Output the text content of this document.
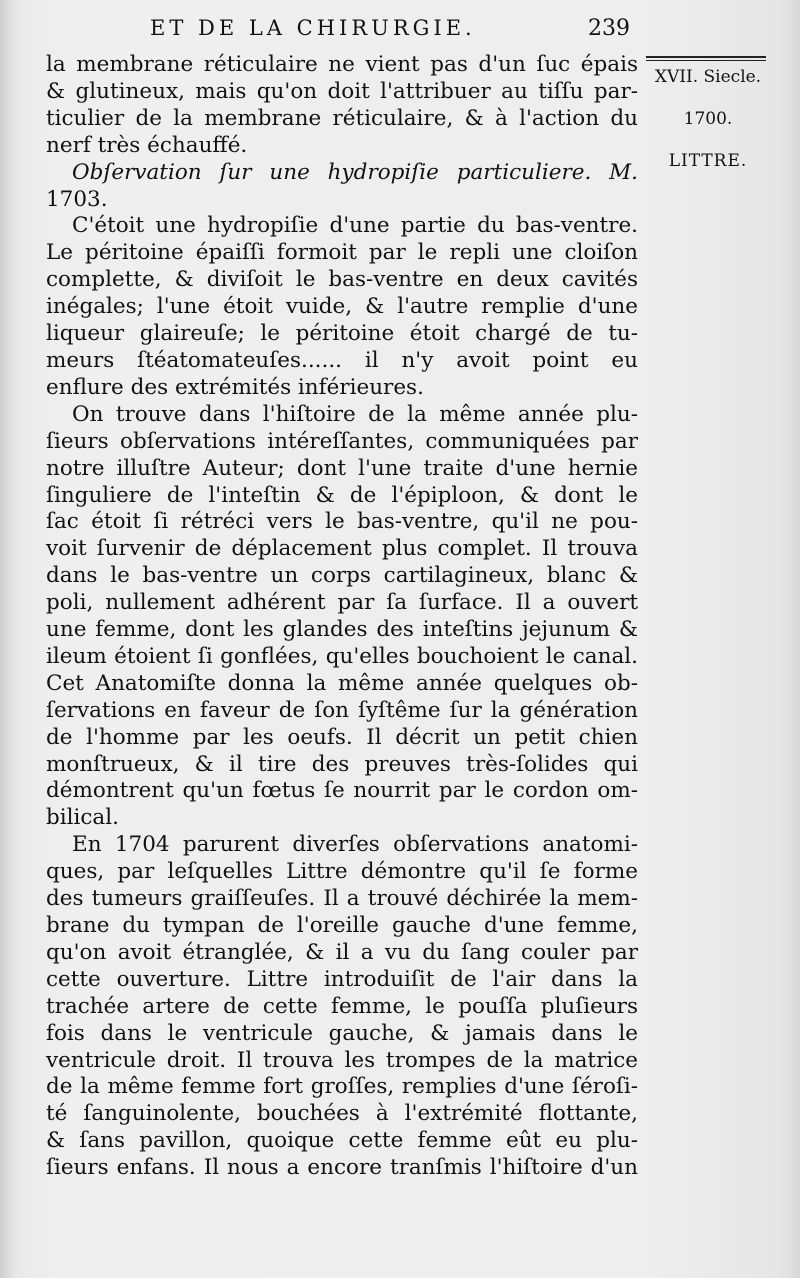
ET DE LA CHIRURGIE.	239
XVII. Siecle.
1700.
LITTRE.
la membrane réticulaire ne vient pas d'un ſuc épais
& glutineux, mais qu'on doit l'attribuer au tiſſu par-
ticulier de la membrane réticulaire, & à l'action du
nerf très échauffé.
Obſervation ſur une hydropiſie particuliere. M.
1703.
C'étoit une hydropiſie d'une partie du bas-ventre.
Le péritoine épaiſſi formoit par le repli une cloiſon
complette, & diviſoit le bas-ventre en deux cavités
inégales; l'une étoit vuide, & l'autre remplie d'une
liqueur glaireuſe; le péritoine étoit chargé de tu-
meurs ſtéatomateuſes...... il n'y avoit point eu
enflure des extrémités inférieures.
On trouve dans l'hiſtoire de la même année plu-
ſieurs obſervations intéreſſantes, communiquées par
notre illuſtre Auteur; dont l'une traite d'une hernie
ſinguliere de l'inteſtin & de l'épiploon, & dont le
ſac étoit ſi rétréci vers le bas-ventre, qu'il ne pou-
voit ſurvenir de déplacement plus complet. Il trouva
dans le bas-ventre un corps cartilagineux, blanc &
poli, nullement adhérent par ſa ſurface. Il a ouvert
une femme, dont les glandes des inteſtins jejunum &
ileum étoient ſi gonflées, qu'elles bouchoient le canal.
Cet Anatomiſte donna la même année quelques ob-
ſervations en faveur de ſon ſyſtême ſur la génération
de l'homme par les oeufs. Il décrit un petit chien
monſtrueux, & il tire des preuves très-ſolides qui
démontrent qu'un fœtus ſe nourrit par le cordon om-
bilical.
En 1704 parurent diverſes obſervations anatomi-
ques, par leſquelles Littre démontre qu'il ſe forme
des tumeurs graiſſeuſes. Il a trouvé déchirée la mem-
brane du tympan de l'oreille gauche d'une femme,
qu'on avoit étranglée, & il a vu du ſang couler par
cette ouverture. Littre introduiſit de l'air dans la
trachée artere de cette femme, le pouſſa pluſieurs
fois dans le ventricule gauche, & jamais dans le
ventricule droit. Il trouva les trompes de la matrice
de la même femme fort groſſes, remplies d'une ſéroſi-
té ſanguinolente, bouchées à l'extrémité flottante,
& ſans pavillon, quoique cette femme eût eu plu-
ſieurs enfans. Il nous a encore tranſmis l'hiſtoire d'un
